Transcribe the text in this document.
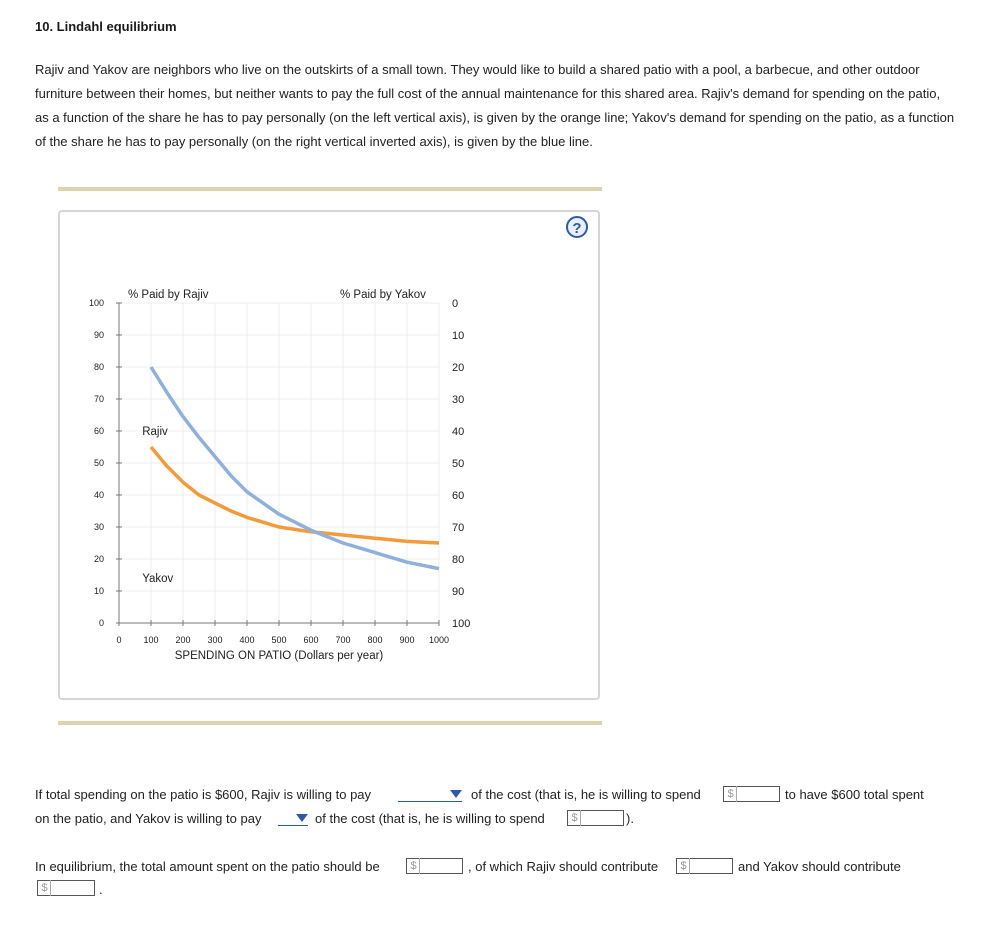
10. Lindahl equilibrium

Rajiv and Yakov are neighbors who live on the outskirts of a small town. They would like to build a shared patio with a pool, a barbecue, and other outdoor furniture between their homes, but neither wants to pay the full cost of the annual maintenance for this shared area. Rajiv's demand for spending on the patio, as a function of the share he has to pay personally (on the left vertical axis), is given by the orange line; Yakov's demand for spending on the patio, as a function of the share he has to pay personally (on the right vertical inverted axis), is given by the blue line.

100
90
80
70
60
50
40
30
20
10
0
0
10
20
30
40
50
60
70
80
90
100
0 100 200 300 400 500 600 700 800 900 1000
% Paid by Rajiv	% Paid by Yakov
SPENDING ON PATIO (Dollars per year)
Rajiv
Yakov
?
If total spending on the patio is $600, Rajiv is willing to pay	of the cost (that is, he is willing to spend $	to have $600 total spent
on the patio, and Yakov is willing to pay	of the cost (that is, he is willing to spend $	).
In equilibrium, the total amount spent on the patio should be	$	, of which Rajiv should contribute $	and Yakov should contribute
$	.
